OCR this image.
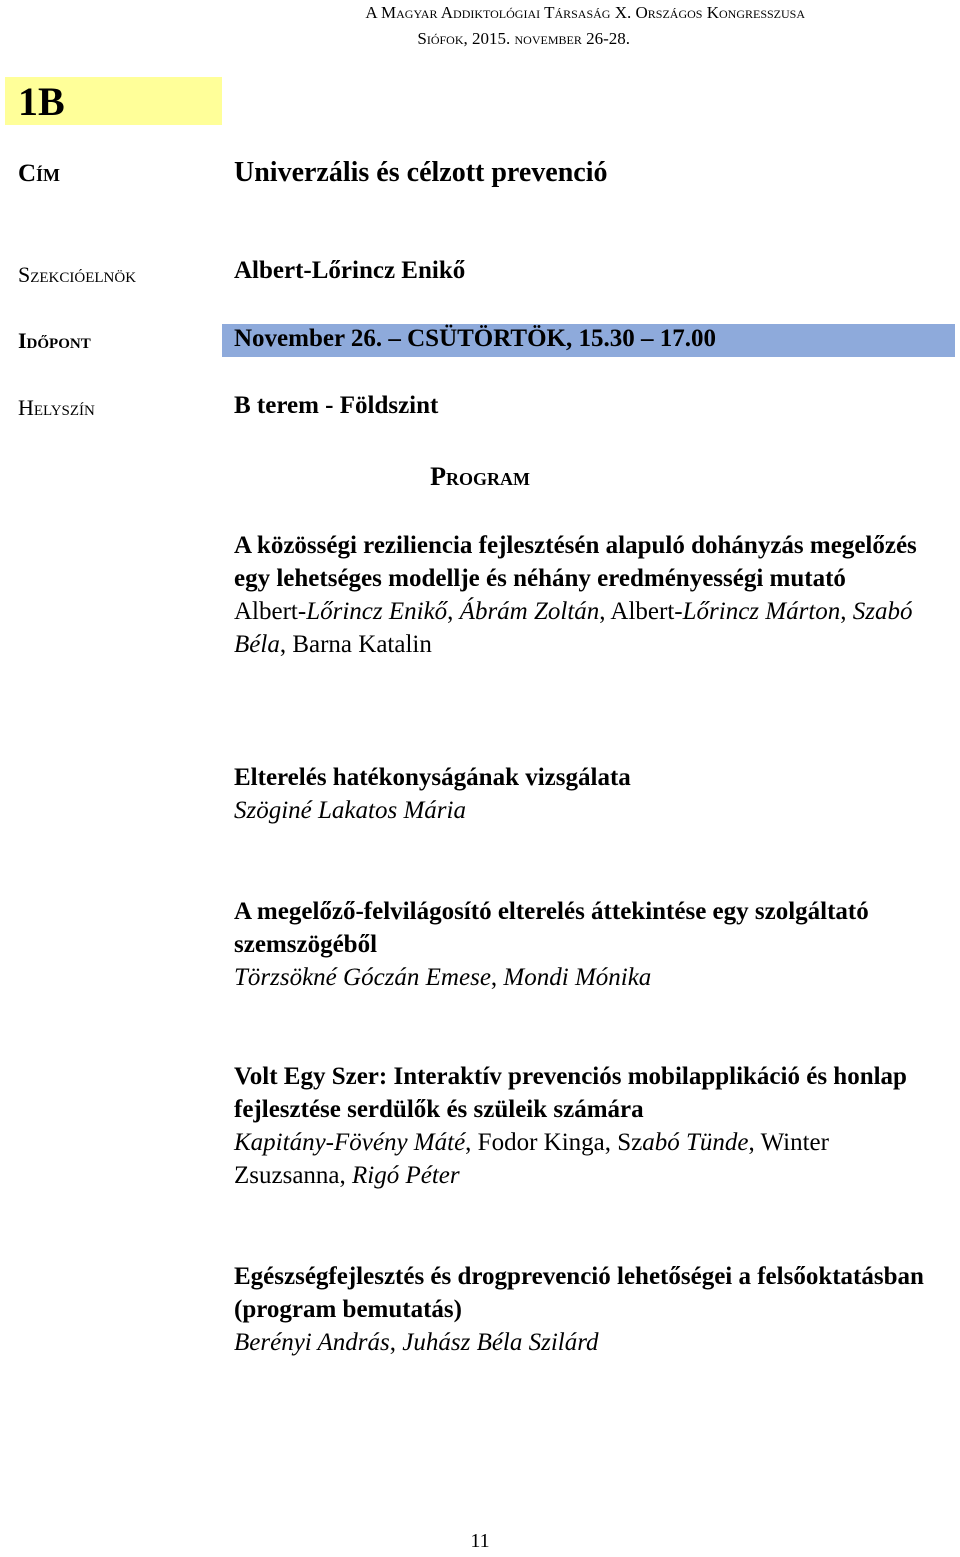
A Magyar Addiktológiai Társaság X. Országos Kongresszusa
Siófok, 2015. november 26-28.
1B
Cím	Univerzális és célzott prevenció
Szekcióelnök	Albert-Lőrincz Enikő
Időpont	November 26. – CSÜTÖRTÖK, 15.30 – 17.00
Helyszín	B terem - Földszint
Program
A közösségi reziliencia fejlesztésén alapuló dohányzás megelőzés egy lehetséges modellje és néhány eredményességi mutató
Albert-Lőrincz Enikő, Ábrám Zoltán, Albert-Lőrincz Márton, Szabó Béla, Barna Katalin
Elterelés hatékonyságának vizsgálata
Szöginé Lakatos Mária
A megelőző-felvilágosító elterelés áttekintése egy szolgáltató szemszögéből
Törzsökné Góczán Emese, Mondi Mónika
Volt Egy Szer: Interaktív prevenciós mobilapplikáció és honlap fejlesztése serdülők és szüleik számára
Kapitány-Fövény Máté, Fodor Kinga, Szabó Tünde, Winter Zsuzsanna, Rigó Péter
Egészségfejlesztés és drogprevenció lehetőségei a felsőoktatásban (program bemutatás)
Berényi András, Juhász Béla Szilárd
11
